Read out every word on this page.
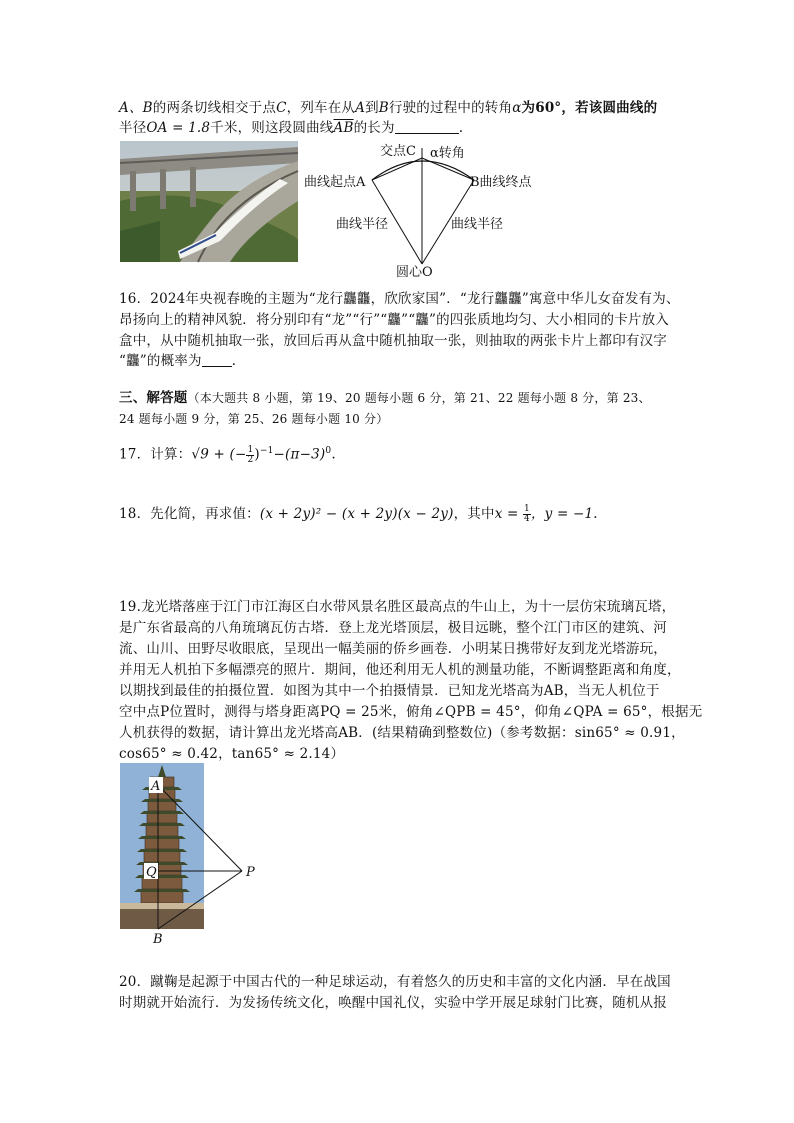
A、B的两条切线相交于点C，列车在从A到B行驶的过程中的转角α为60°，若该圆曲线的
半径OA = 1.8千米，则这段圆曲线$\overline{AB}$的长为	.
交点C α转角
曲线起点A	B曲线终点
曲线半径	曲线半径
圆心O
16．2024年央视春晚的主题为“龙行龘龘，欣欣家国”．“龙行龘龘”寓意中华儿女奋发有为、
昂扬向上的精神风貌．将分别印有“龙”“行”“龘”“龘”的四张质地均匀、大小相同的卡片放入
盒中，从中随机抽取一张，放回后再从盒中随机抽取一张，则抽取的两张卡片上都印有汉字
“龘”的概率为 ．
三、解答题（本大题共 8 小题，第 19、20 题每小题 6 分，第 21、22 题每小题 8 分，第 23、
24 题每小题 9 分，第 25、26 题每小题 10 分）
17．计算：√9 + (− $\frac{1}{2} )^{-1}-(\pi-3)^0$.
18．先化简，再求值：(x + 2y)² − (x + 2y)(x − 2y)，其中$x = \frac{1}{4}$ ，y = −1.
19.龙光塔落座于江门市江海区白水带风景名胜区最高点的牛山上，为十一层仿宋琉璃瓦塔，
是广东省最高的八角琉璃瓦仿古塔．登上龙光塔顶层，极目远眺，整个江门市区的建筑、河
流、山川、田野尽收眼底，呈现出一幅美丽的侨乡画卷．小明某日携带好友到龙光塔游玩，
并用无人机拍下多幅漂亮的照片．期间，他还利用无人机的测量功能，不断调整距离和角度，
以期找到最佳的拍摄位置．如图为其中一个拍摄情景．已知龙光塔高为AB，当无人机位于
空中点P位置时，测得与塔身距离PQ = 25米，俯角∠QPB = 45°，仰角∠QPA = 65°，根据无
人机获得的数据，请计算出龙光塔高AB．(结果精确到整数位)（参考数据：sin65° ≈ 0.91，
cos65° ≈ 0.42，tan65° ≈ 2.14）
A
Q	P
B
20．蹴鞠是起源于中国古代的一种足球运动，有着悠久的历史和丰富的文化内涵．早在战国
时期就开始流行．为发扬传统文化，唤醒中国礼仪，实验中学开展足球射门比赛，随机从报
